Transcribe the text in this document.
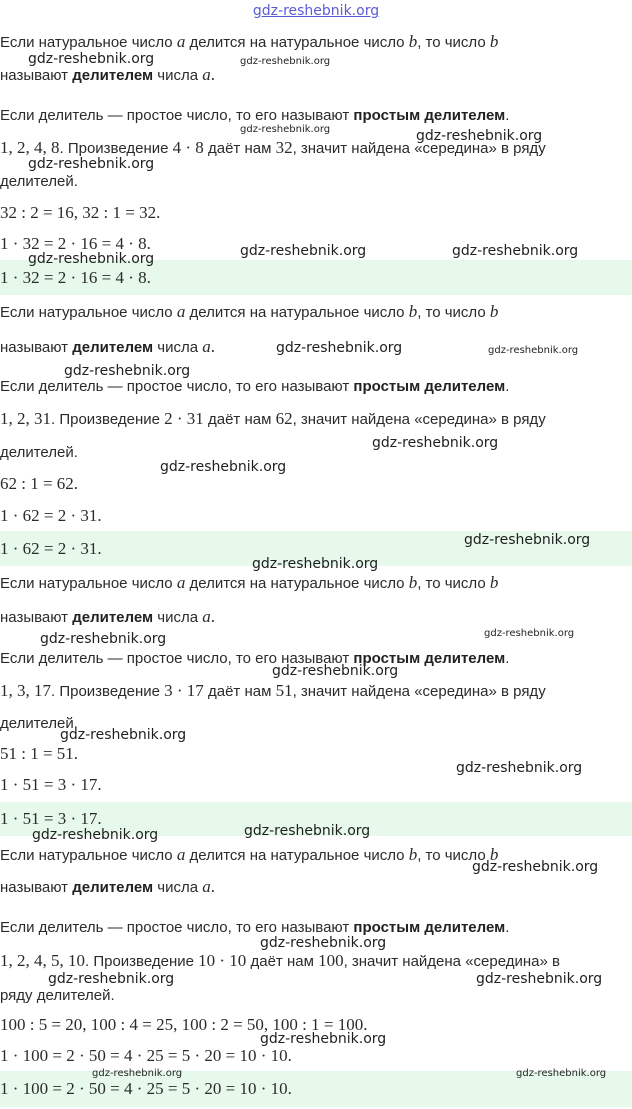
gdz-reshebnik.org
Если натуральное число a делится на натуральное число b, то число b
называют делителем числа a.
Если делитель — простое число, то его называют простым делителем.
1, 2, 4, 8. Произведение 4 · 8 даёт нам 32, значит найдена «середина» в ряду
делителей.
32 : 2 = 16, 32 : 1 = 32.
1 · 32 = 2 · 16 = 4 · 8.
1 · 32 = 2 · 16 = 4 · 8.
Если натуральное число a делится на натуральное число b, то число b
называют делителем числа a.
Если делитель — простое число, то его называют простым делителем.
1, 2, 31. Произведение 2 · 31 даёт нам 62, значит найдена «середина» в ряду
делителей.
62 : 1 = 62.
1 · 62 = 2 · 31.
1 · 62 = 2 · 31.
Если натуральное число a делится на натуральное число b, то число b
называют делителем числа a.
Если делитель — простое число, то его называют простым делителем.
1, 3, 17. Произведение 3 · 17 даёт нам 51, значит найдена «середина» в ряду
делителей.
51 : 1 = 51.
1 · 51 = 3 · 17.
1 · 51 = 3 · 17.
Если натуральное число a делится на натуральное число b, то число b
называют делителем числа a.
Если делитель — простое число, то его называют простым делителем.
1, 2, 4, 5, 10. Произведение 10 · 10 даёт нам 100, значит найдена «середина» в
ряду делителей.
100 : 5 = 20, 100 : 4 = 25, 100 : 2 = 50, 100 : 1 = 100.
1 · 100 = 2 · 50 = 4 · 25 = 5 · 20 = 10 · 10.
1 · 100 = 2 · 50 = 4 · 25 = 5 · 20 = 10 · 10.
gdz-reshebnik.org	gdz-reshebnik.org
gdz-reshebnik.org	gdz-reshebnik.org
gdz-reshebnik.org
gdz-reshebnik.org	gdz-reshebnik.org
gdz-reshebnik.org
gdz-reshebnik.org	gdz-reshebnik.org
gdz-reshebnik.org
gdz-reshebnik.org
gdz-reshebnik.org
gdz-reshebnik.org
gdz-reshebnik.org
gdz-reshebnik.org	gdz-reshebnik.org
gdz-reshebnik.org
gdz-reshebnik.org
gdz-reshebnik.org
gdz-reshebnik.org
gdz-reshebnik.org
gdz-reshebnik.org
gdz-reshebnik.org
gdz-reshebnik.org	gdz-reshebnik.org
gdz-reshebnik.org
gdz-reshebnik.org	gdz-reshebnik.org
